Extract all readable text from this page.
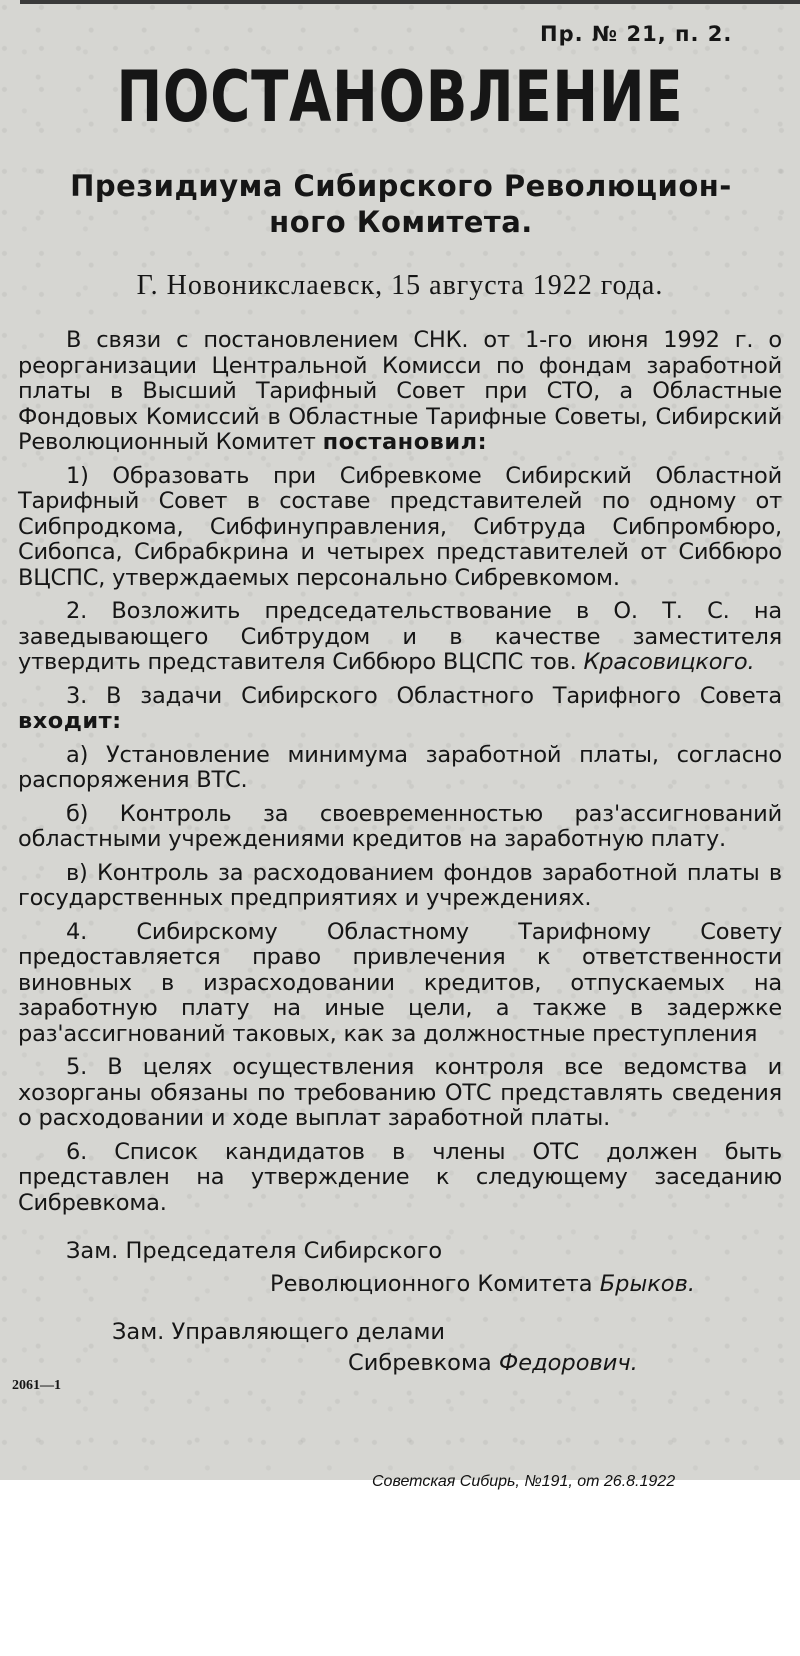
Пр. № 21, п. 2.
ПОСТАНОВЛЕНИЕ
Президиума Сибирского Революцион-
ного Комитета.
Г. Новоникслаевск, 15 августа 1922 года.

В связи с постановлением СНК. от 1-го июня 1992 г. о реорганизации Центральной Комисси по фондам заработной платы в Высший Тарифный Совет при СТО, а Областные Фондовых Комиссий в Областные Тарифные Советы, Сибирский Революционный Комитет постановил:

1) Образовать при Сибревкоме Сибирский Областной Тарифный Совет в составе представителей по одному от Сибпродкома, Сибфинуправления, Сибтруда Сибпромбюро, Сибопса, Сибрабкрина и четырех представителей от Сиббюро ВЦСПС, утверждаемых персонально Сибревкомом.

2. Возложить председательствование в О. Т. С. на заведывающего Сибтрудом и в качестве заместителя утвердить представителя Сиббюро ВЦСПС тов. Красовицкого.

3. В задачи Сибирского Областного Тарифного Совета входит:

а) Установление минимума заработной платы, согласно распоряжения ВТС.

б) Контроль за своевременностью раз'ассигнований областными учреждениями кредитов на заработную плату.

в) Контроль за расходованием фондов заработной платы в государственных предприятиях и учреждениях.

4. Сибирскому Областному Тарифному Совету предоставляется право привлечения к ответственности виновных в израсходовании кредитов, отпускаемых на заработную плату на иные цели, а также в задержке раз'ассигнований таковых, как за должностные преступления

5. В целях осуществления контроля все ведомства и хозорганы обязаны по требованию ОТС представлять сведения о расходовании и ходе выплат заработной платы.

6. Список кандидатов в члены ОТС должен быть представлен на утверждение к следующему заседанию Сибревкома.

Зам. Председателя Сибирского
Революционного Комитета Брыков.
Зам. Управляющего делами
Сибревкома Федорович.
2061—1
Советская Сибирь, №191, от 26.8.1922
